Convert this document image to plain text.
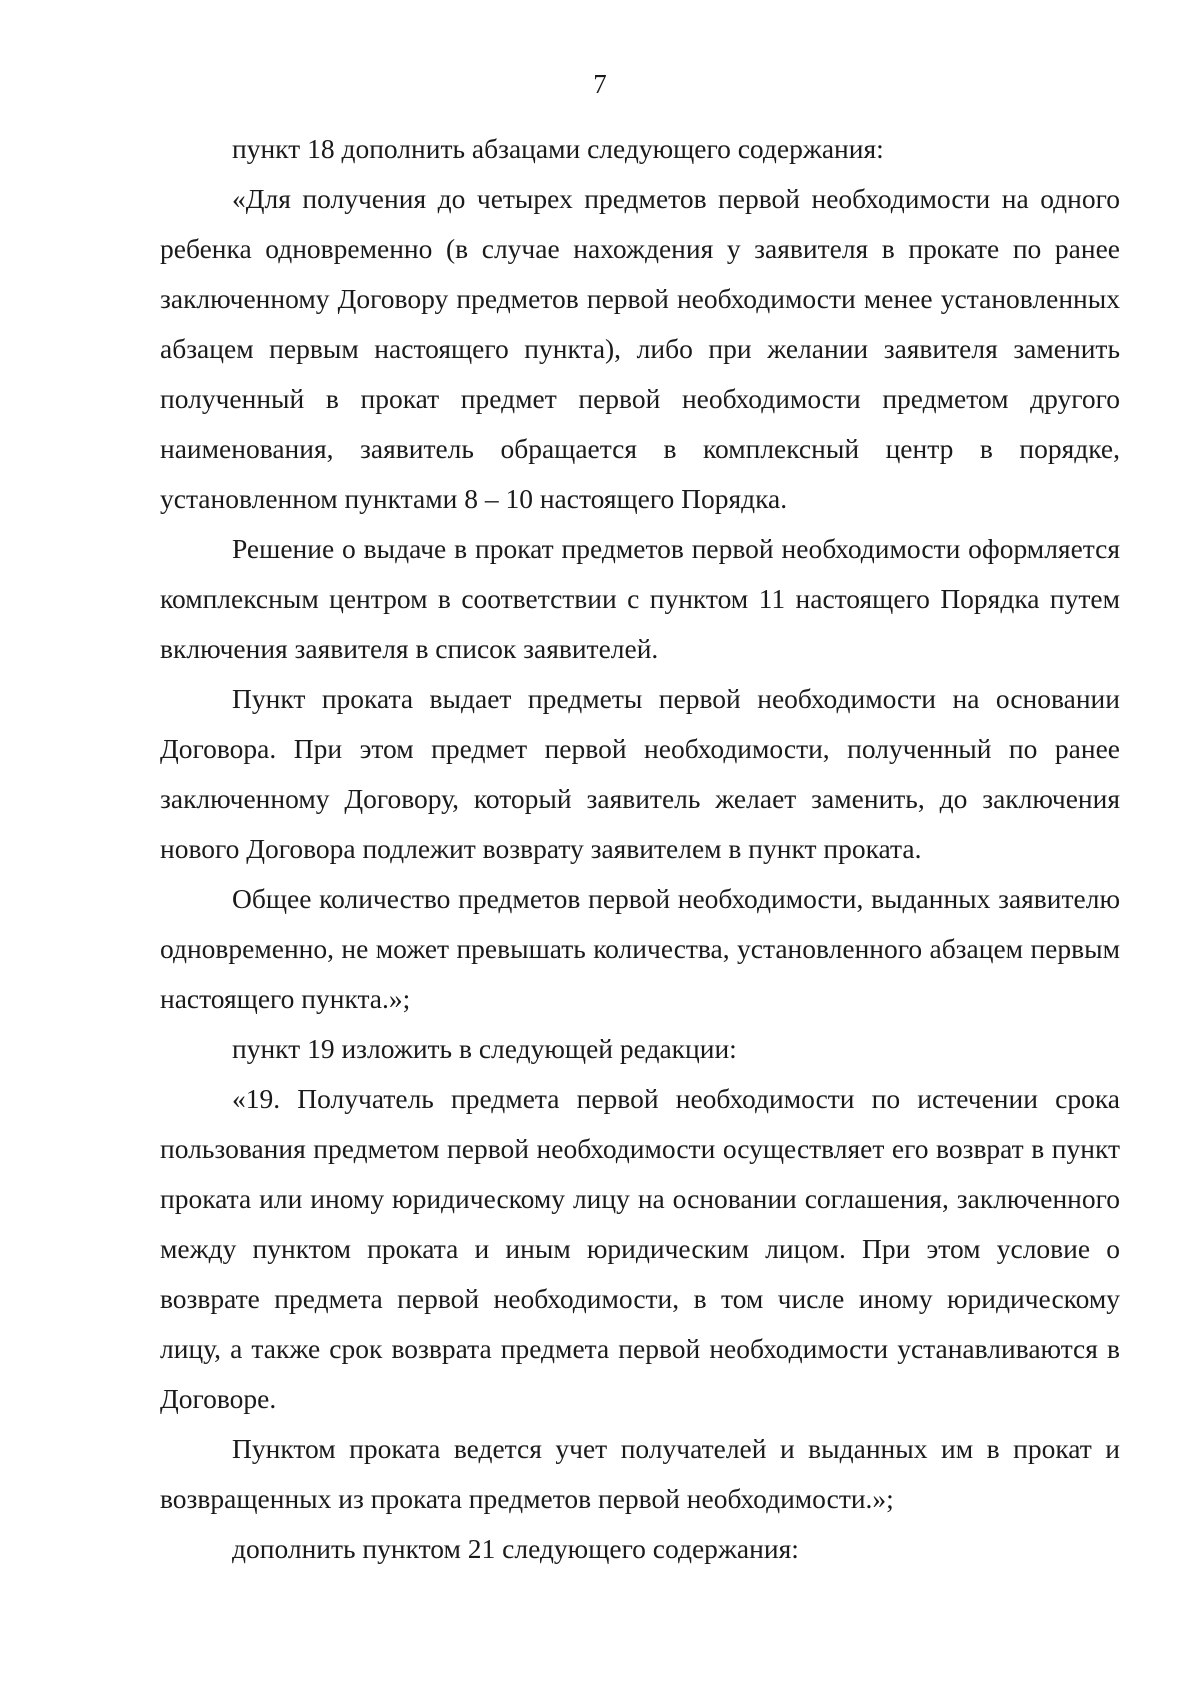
7

пункт 18 дополнить абзацами следующего содержания:

«Для получения до четырех предметов первой необходимости на одного ребенка одновременно (в случае нахождения у заявителя в прокате по ранее заключенному Договору предметов первой необходимости менее установленных абзацем первым настоящего пункта), либо при желании заявителя заменить полученный в прокат предмет первой необходимости предметом другого наименования, заявитель обращается в комплексный центр в порядке, установленном пунктами 8 – 10 настоящего Порядка.

Решение о выдаче в прокат предметов первой необходимости оформляется комплексным центром в соответствии с пунктом 11 настоящего Порядка путем включения заявителя в список заявителей.

Пункт проката выдает предметы первой необходимости на основании Договора. При этом предмет первой необходимости, полученный по ранее заключенному Договору, который заявитель желает заменить, до заключения нового Договора подлежит возврату заявителем в пункт проката.

Общее количество предметов первой необходимости, выданных заявителю одновременно, не может превышать количества, установленного абзацем первым настоящего пункта.»;

пункт 19 изложить в следующей редакции:

«19. Получатель предмета первой необходимости по истечении срока пользования предметом первой необходимости осуществляет его возврат в пункт проката или иному юридическому лицу на основании соглашения, заключенного между пунктом проката и иным юридическим лицом. При этом условие о возврате предмета первой необходимости, в том числе иному юридическому лицу, а также срок возврата предмета первой необходимости устанавливаются в Договоре.

Пунктом проката ведется учет получателей и выданных им в прокат и возвращенных из проката предметов первой необходимости.»;

дополнить пунктом 21 следующего содержания:
